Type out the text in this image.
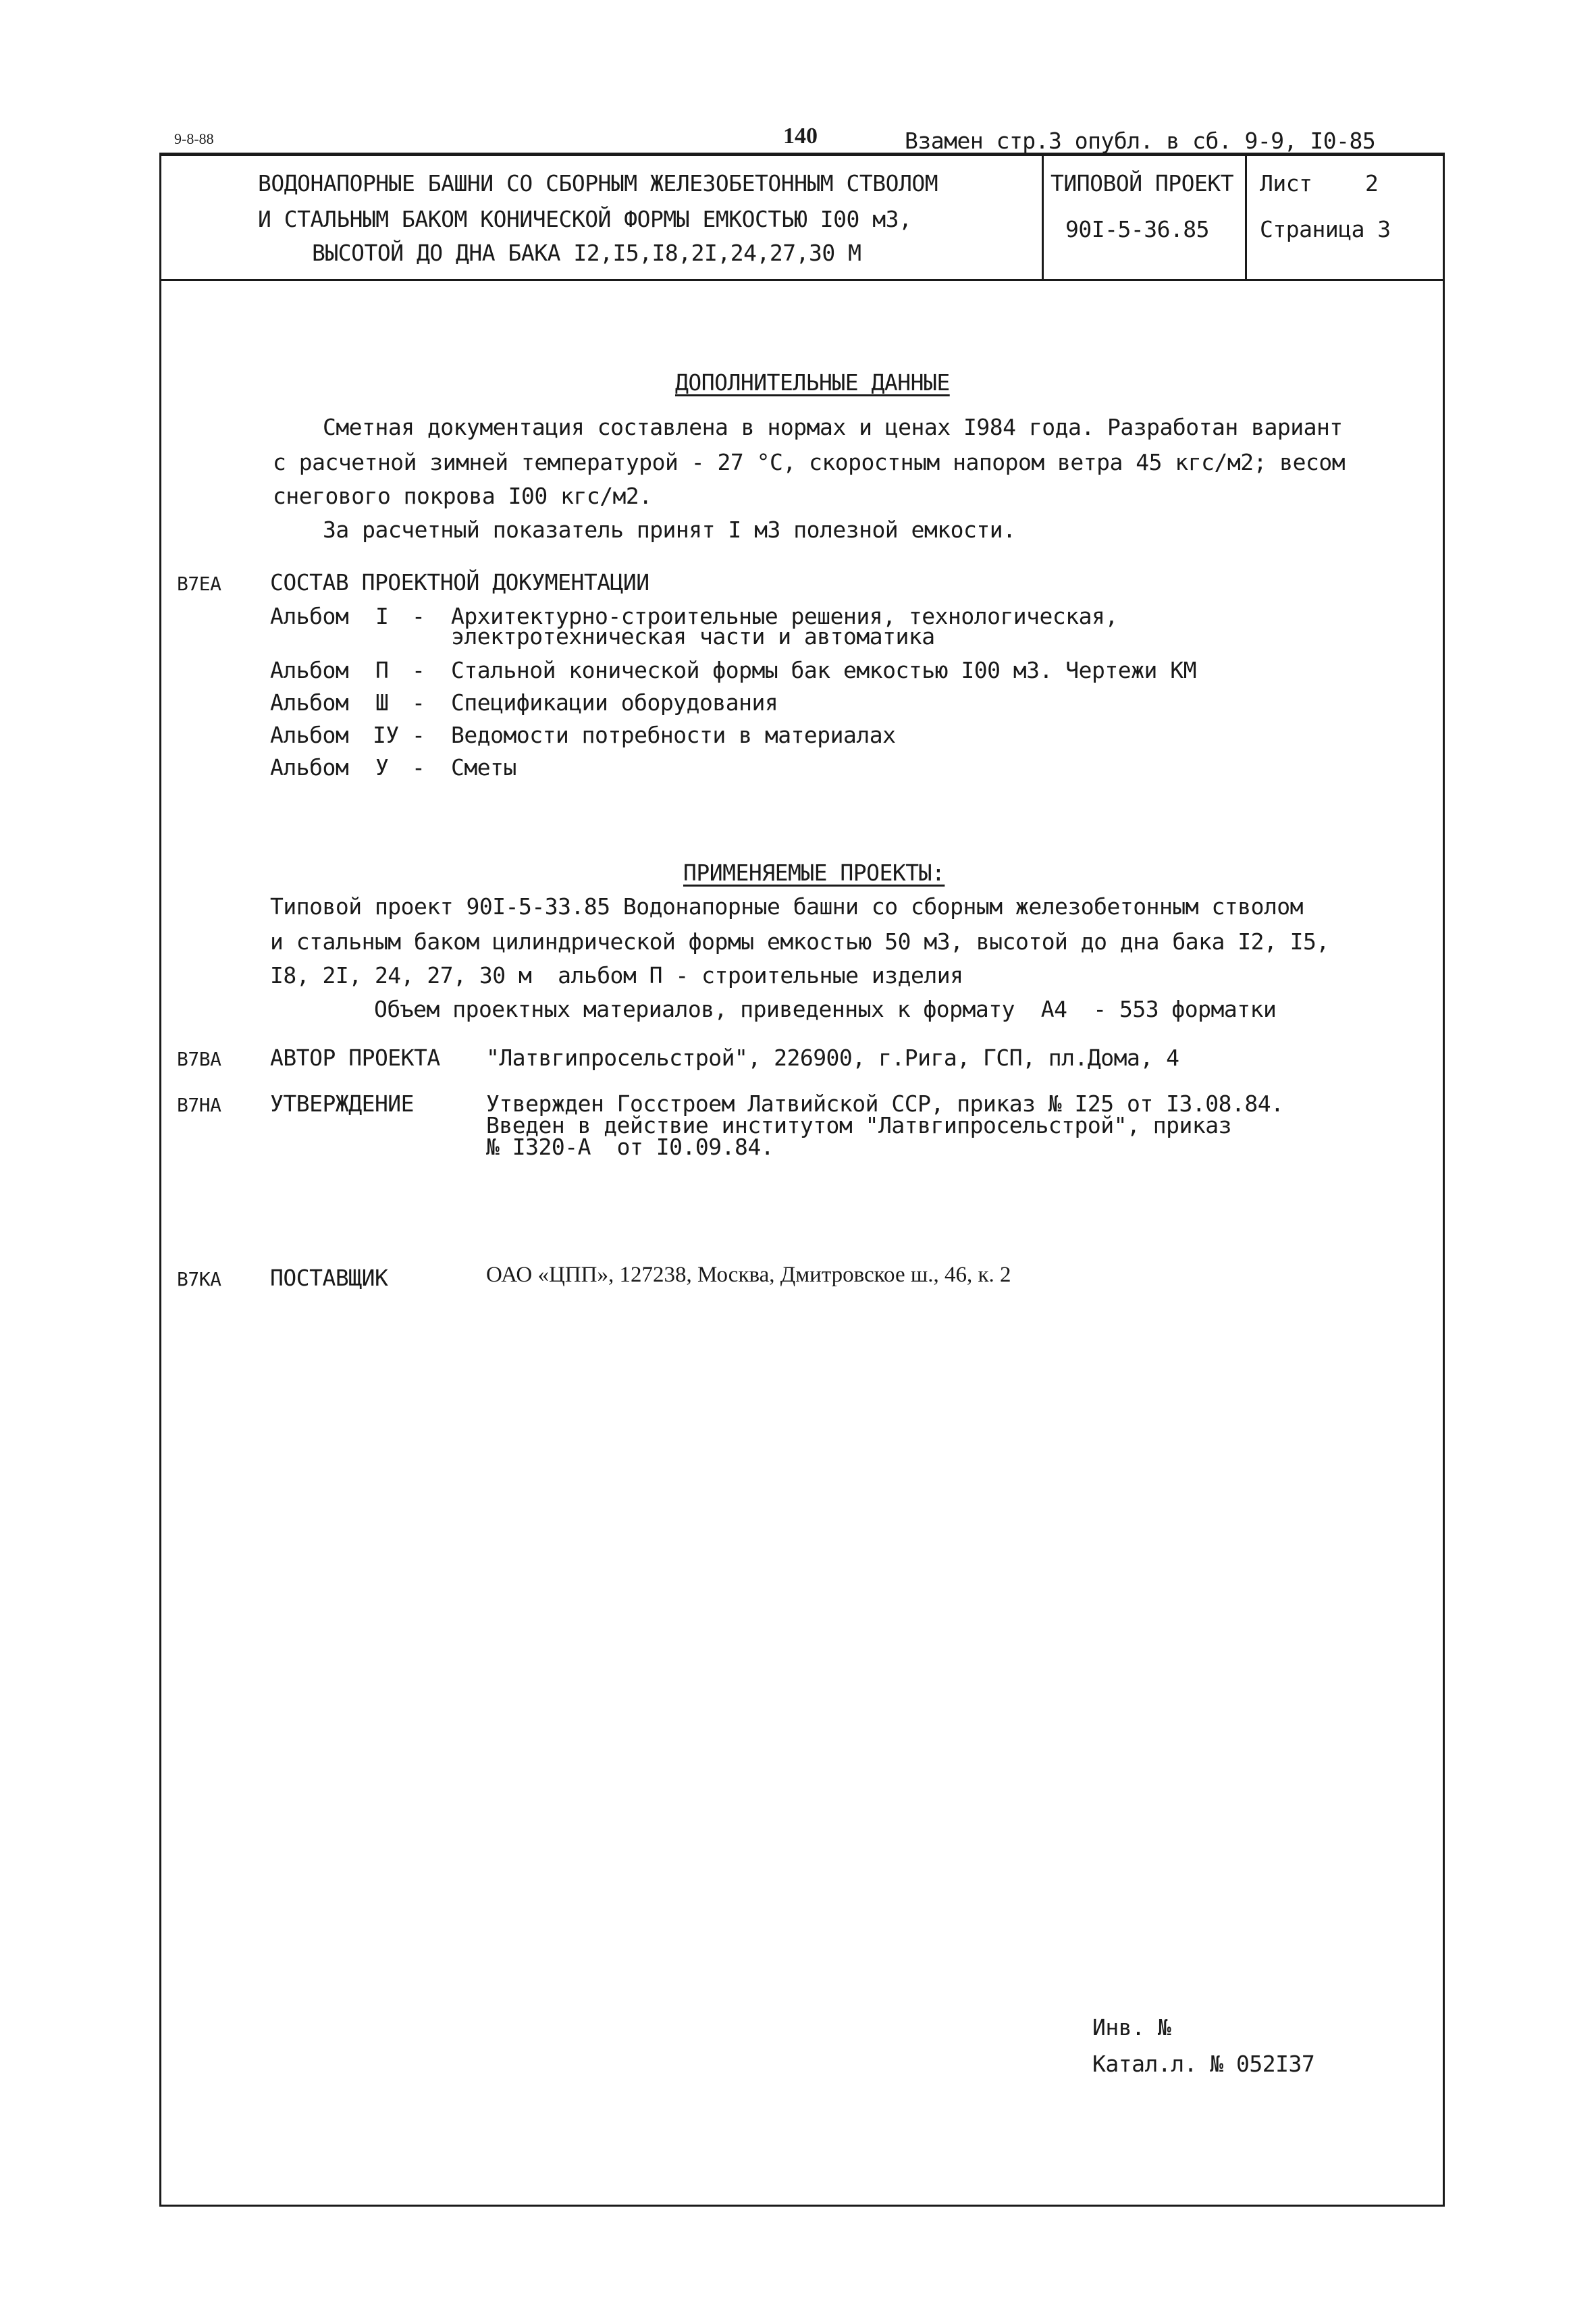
9-8-88	140	Взамен стр.3 опубл. в сб. 9-9, I0-85
ВОДОНАПОРНЫЕ БАШНИ СО СБОРНЫМ ЖЕЛЕЗОБЕТОННЫМ СТВОЛОМ
И СТАЛЬНЫМ БАКОМ КОНИЧЕСКОЙ ФОРМЫ ЕМКОСТЬЮ I00 м3,
ВЫСОТОЙ ДО ДНА БАКА I2,I5,I8,2I,24,27,30 М
ТИПОВОЙ ПРОЕКТ
90I-5-36.85
Лист 2
Страница 3
ДОПОЛНИТЕЛЬНЫЕ ДАННЫЕ
Сметная документация составлена в нормах и ценах I984 года. Разработан вариант
с расчетной зимней температурой - 27 °С, скоростным напором ветра 45 кгс/м2; весом
снегового покрова I00 кгс/м2.
За расчетный показатель принят I м3 полезной емкости.
В7ЕА СОСТАВ ПРОЕКТНОЙ ДОКУМЕНТАЦИИ
Альбом I - Архитектурно-строительные решения, технологическая,
электротехническая части и автоматика
Альбом П - Стальной конической формы бак емкостью I00 м3. Чертежи КМ
Альбом Ш - Спецификации оборудования
Альбом IУ - Ведомости потребности в материалах
Альбом У - Сметы
ПРИМЕНЯЕМЫЕ ПРОЕКТЫ:
Типовой проект 90I-5-33.85 Водонапорные башни со сборным железобетонным стволом
и стальным баком цилиндрической формы емкостью 50 м3, высотой до дна бака I2, I5,
I8, 2I, 24, 27, 30 м  альбом П - строительные изделия
Объем проектных материалов, приведенных к формату  А4  - 553 форматки
В7ВА АВТОР ПРОЕКТА "Латвгипросельстрой", 226900, г.Рига, ГСП, пл.Дома, 4
В7НА УТВЕРЖДЕНИЕ	Утвержден Госстроем Латвийской ССР, приказ № I25 от I3.08.84.
Введен в действие институтом "Латвгипросельстрой", приказ
№ I320-А  от I0.09.84.
В7КА ПОСТАВЩИК	ОАО «ЦПП», 127238, Москва, Дмитровское ш., 46, к. 2
Инв. №
Катал.л. № 052I37
